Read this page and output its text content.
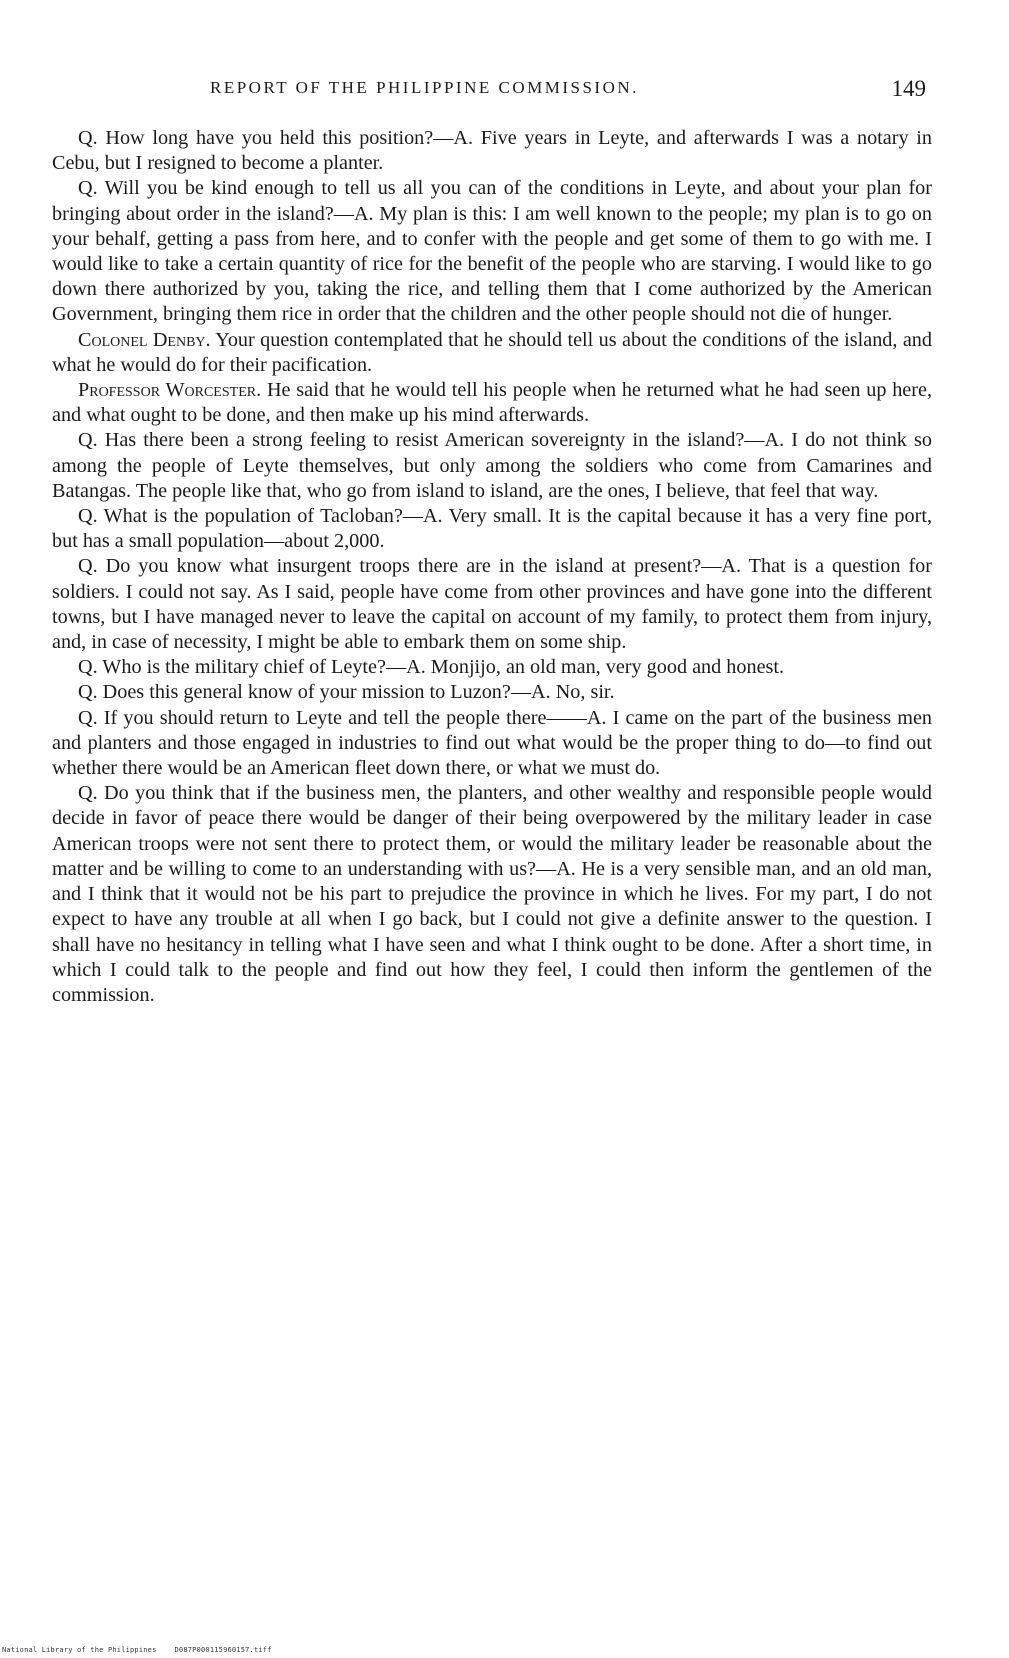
REPORT OF THE PHILIPPINE COMMISSION.	149

Q. How long have you held this position?—A. Five years in Leyte, and afterwards I was a notary in Cebu, but I resigned to become a planter.

Q. Will you be kind enough to tell us all you can of the conditions in Leyte, and about your plan for bringing about order in the island?—A. My plan is this: I am well known to the people; my plan is to go on your behalf, getting a pass from here, and to confer with the people and get some of them to go with me. I would like to take a certain quantity of rice for the benefit of the people who are starving. I would like to go down there authorized by you, taking the rice, and telling them that I come authorized by the American Government, bringing them rice in order that the children and the other people should not die of hunger.

Colonel Denby. Your question contemplated that he should tell us about the conditions of the island, and what he would do for their pacification.

Professor Worcester. He said that he would tell his people when he returned what he had seen up here, and what ought to be done, and then make up his mind afterwards.

Q. Has there been a strong feeling to resist American sovereignty in the island?—A. I do not think so among the people of Leyte themselves, but only among the soldiers who come from Camarines and Batangas. The people like that, who go from island to island, are the ones, I believe, that feel that way.

Q. What is the population of Tacloban?—A. Very small. It is the capital because it has a very fine port, but has a small population—about 2,000.

Q. Do you know what insurgent troops there are in the island at present?—A. That is a question for soldiers. I could not say. As I said, people have come from other provinces and have gone into the different towns, but I have managed never to leave the capital on account of my family, to protect them from injury, and, in case of necessity, I might be able to embark them on some ship.

Q. Who is the military chief of Leyte?—A. Monjijo, an old man, very good and honest.

Q. Does this general know of your mission to Luzon?—A. No, sir.

Q. If you should return to Leyte and tell the people there——A. I came on the part of the business men and planters and those engaged in industries to find out what would be the proper thing to do—to find out whether there would be an American fleet down there, or what we must do.

Q. Do you think that if the business men, the planters, and other wealthy and responsible people would decide in favor of peace there would be danger of their being overpowered by the military leader in case American troops were not sent there to protect them, or would the military leader be reasonable about the matter and be willing to come to an understanding with us?—A. He is a very sensible man, and an old man, and I think that it would not be his part to prejudice the province in which he lives. For my part, I do not expect to have any trouble at all when I go back, but I could not give a definite answer to the question. I shall have no hesitancy in telling what I have seen and what I think ought to be done. After a short time, in which I could talk to the people and find out how they feel, I could then inform the gentlemen of the commission.

National Library of the Philippines	D087P000115960157.tiff
